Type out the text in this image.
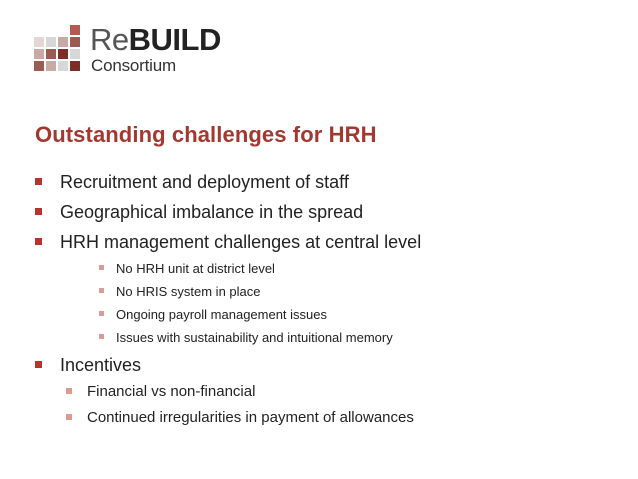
ReBUILD
Consortium
Outstanding challenges for HRH
Recruitment and deployment of staff
Geographical imbalance in the spread
HRH management challenges at central level
No HRH unit at district level
No HRIS system in place
Ongoing payroll management issues
Issues with sustainability and intuitional memory
Incentives
Financial vs non-financial
Continued irregularities in payment of allowances
